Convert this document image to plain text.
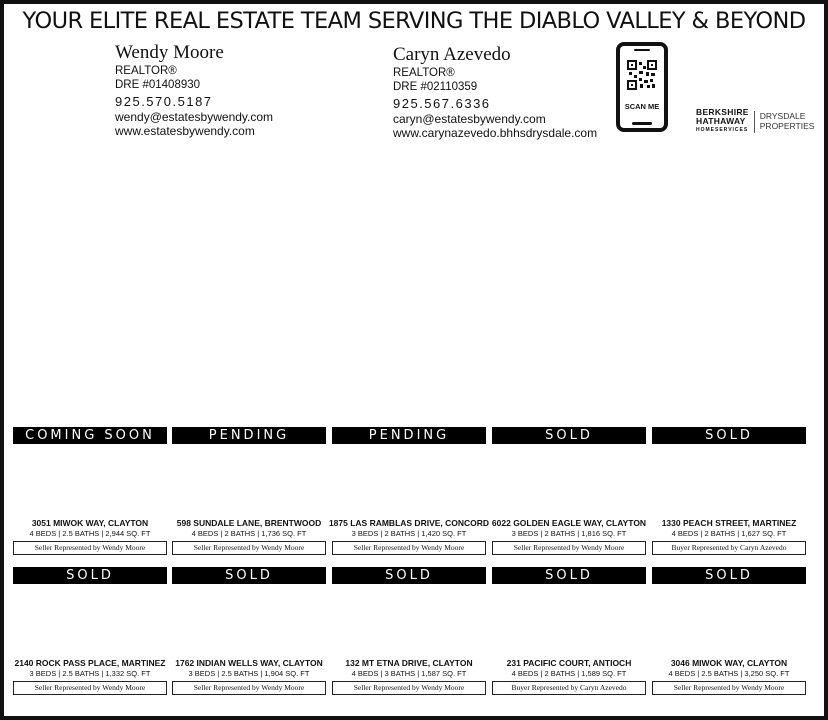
YOUR ELITE REAL ESTATE TEAM SERVING THE DIABLO VALLEY & BEYOND
Wendy Moore
REALTOR®
DRE #01408930
925.570.5187
wendy@estatesbywendy.com
www.estatesbywendy.com
Caryn Azevedo
REALTOR®
DRE #02110359
925.567.6336
caryn@estatesbywendy.com
www.carynazevedo.bhhsdrysdale.com
SCAN ME
BERKSHIRE
HATHAWAY
HOMESERVICES
DRYSDALE
PROPERTIES
COMING SOON
3051 MIWOK WAY, CLAYTON
4 BEDS | 2.5 BATHS | 2,944 SQ. FT
Seller Represented by Wendy Moore
PENDING
598 SUNDALE LANE, BRENTWOOD
4 BEDS | 2 BATHS | 1,736 SQ. FT
Seller Represented by Wendy Moore
PENDING
1875 LAS RAMBLAS DRIVE, CONCORD
3 BEDS | 2 BATHS | 1,420 SQ. FT
Seller Represented by Wendy Moore
SOLD
6022 GOLDEN EAGLE WAY, CLAYTON
3 BEDS | 2 BATHS | 1,816 SQ. FT
Seller Represented by Wendy Moore
SOLD
1330 PEACH STREET, MARTINEZ
4 BEDS | 2 BATHS | 1,627 SQ. FT
Buyer Represented by Caryn Azevedo
SOLD
2140 ROCK PASS PLACE, MARTINEZ
3 BEDS | 2.5 BATHS | 1,332 SQ. FT
Seller Represented by Wendy Moore
SOLD
1762 INDIAN WELLS WAY, CLAYTON
3 BEDS | 2.5 BATHS | 1,904 SQ. FT
Seller Represented by Wendy Moore
SOLD
132 MT ETNA DRIVE, CLAYTON
4 BEDS | 3 BATHS | 1,587 SQ. FT
Seller Represented by Wendy Moore
SOLD
231 PACIFIC COURT, ANTIOCH
4 BEDS | 2 BATHS | 1,589 SQ. FT
Buyer Represented by Caryn Azevedo
SOLD
3046 MIWOK WAY, CLAYTON
4 BEDS | 2.5 BATHS | 3,250 SQ. FT
Seller Represented by Wendy Moore
